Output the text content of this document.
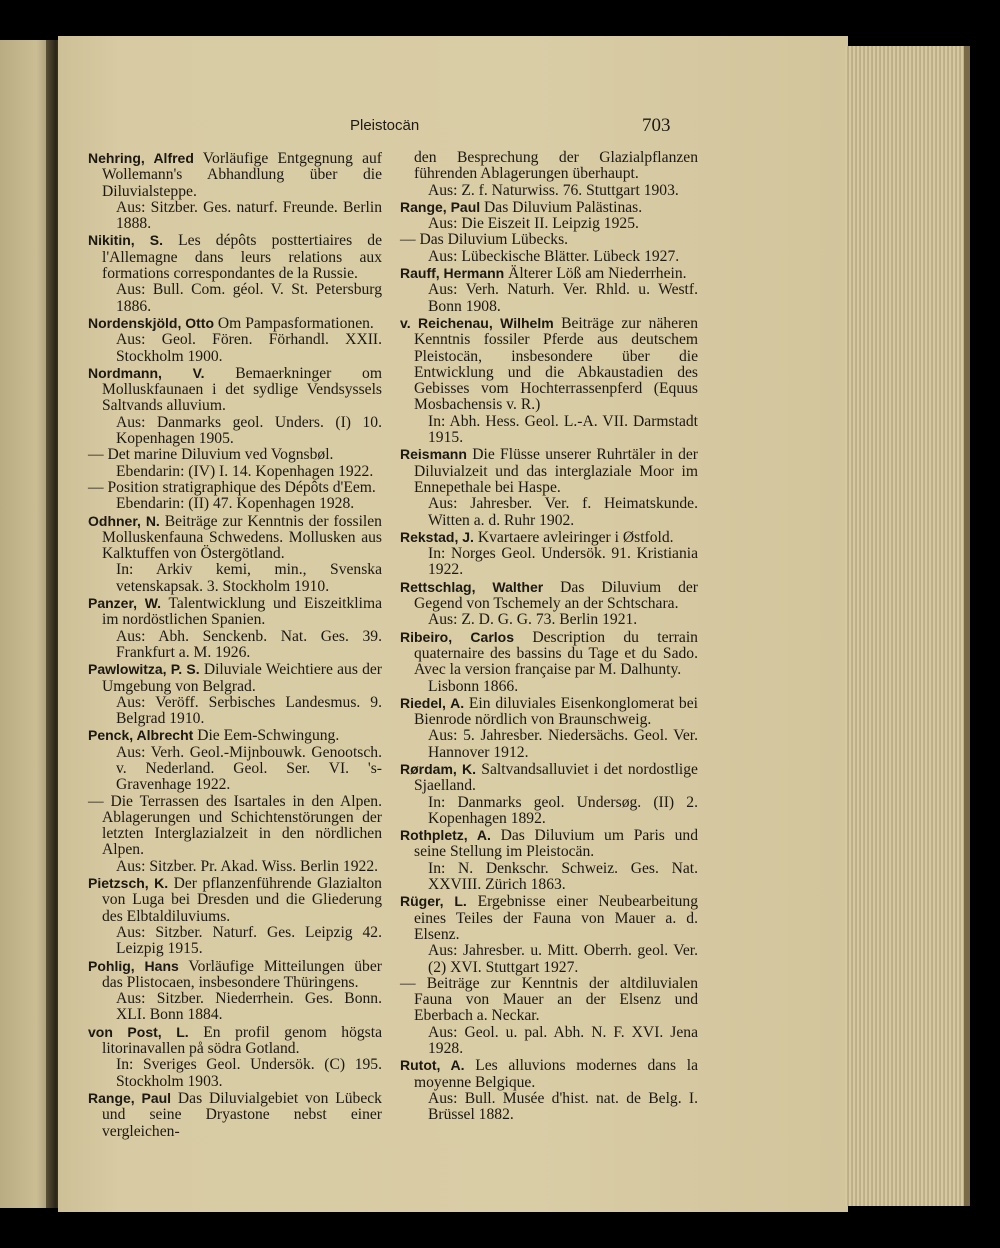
Pleistocän	703

Nehring, Alfred Vorläufige Entgegnung auf Wollemann's Abhandlung über die Diluvialsteppe.

Aus: Sitzber. Ges. naturf. Freunde. Berlin 1888.

Nikitin, S. Les dépôts posttertiaires de l'Allemagne dans leurs relations aux formations correspondantes de la Russie.

Aus: Bull. Com. géol. V. St. Petersburg 1886.

Nordenskjöld, Otto Om Pampasformationen.

Aus: Geol. Fören. Förhandl. XXII. Stockholm 1900.

Nordmann, V. Bemaerkninger om Molluskfaunaen i det sydlige Vendsyssels Saltvands alluvium.

Aus: Danmarks geol. Unders. (I) 10. Kopenhagen 1905.

— Det marine Diluvium ved Vognsbøl.

Ebendarin: (IV) I. 14. Kopenhagen 1922.

— Position stratigraphique des Dépôts d'Eem.

Ebendarin: (II) 47. Kopenhagen 1928.

Odhner, N. Beiträge zur Kenntnis der fossilen Molluskenfauna Schwedens. Mollusken aus Kalktuffen von Östergötland.

In: Arkiv kemi, min., Svenska vetenskapsak. 3. Stockholm 1910.

Panzer, W. Talentwicklung und Eiszeitklima im nordöstlichen Spanien.

Aus: Abh. Senckenb. Nat. Ges. 39. Frankfurt a. M. 1926.

Pawlowitza, P. S. Diluviale Weichtiere aus der Umgebung von Belgrad.

Aus: Veröff. Serbisches Landesmus. 9. Belgrad 1910.

Penck, Albrecht Die Eem-Schwingung.

Aus: Verh. Geol.-Mijnbouwk. Genootsch. v. Nederland. Geol. Ser. VI. 's-Gravenhage 1922.

— Die Terrassen des Isartales in den Alpen. Ablagerungen und Schichtenstörungen der letzten Interglazialzeit in den nördlichen Alpen.

Aus: Sitzber. Pr. Akad. Wiss. Berlin 1922.

Pietzsch, K. Der pflanzenführende Glazialton von Luga bei Dresden und die Gliederung des Elbtaldiluviums.

Aus: Sitzber. Naturf. Ges. Leipzig 42. Leizpig 1915.

Pohlig, Hans Vorläufige Mitteilungen über das Plistocaen, insbesondere Thüringens.

Aus: Sitzber. Niederrhein. Ges. Bonn. XLI. Bonn 1884.

von Post, L. En profil genom högsta litorinavallen på södra Gotland.

In: Sveriges Geol. Undersök. (C) 195. Stockholm 1903.

Range, Paul Das Diluvialgebiet von Lübeck und seine Dryastone nebst einer vergleichen-

den Besprechung der Glazialpflanzen führenden Ablagerungen überhaupt.

Aus: Z. f. Naturwiss. 76. Stuttgart 1903.

Range, Paul Das Diluvium Palästinas.

Aus: Die Eiszeit II. Leipzig 1925.

— Das Diluvium Lübecks.

Aus: Lübeckische Blätter. Lübeck 1927.

Rauff, Hermann Älterer Löß am Niederrhein.

Aus: Verh. Naturh. Ver. Rhld. u. Westf. Bonn 1908.

v. Reichenau, Wilhelm Beiträge zur näheren Kenntnis fossiler Pferde aus deutschem Pleistocän, insbesondere über die Entwicklung und die Abkaustadien des Gebisses vom Hochterrassenpferd (Equus Mosbachensis v. R.)

In: Abh. Hess. Geol. L.-A. VII. Darmstadt 1915.

Reismann Die Flüsse unserer Ruhrtäler in der Diluvialzeit und das interglaziale Moor im Ennepethale bei Haspe.

Aus: Jahresber. Ver. f. Heimatskunde. Witten a. d. Ruhr 1902.

Rekstad, J. Kvartaere avleiringer i Østfold.

In: Norges Geol. Undersök. 91. Kristiania 1922.

Rettschlag, Walther Das Diluvium der Gegend von Tschemely an der Schtschara.

Aus: Z. D. G. G. 73. Berlin 1921.

Ribeiro, Carlos Description du terrain quaternaire des bassins du Tage et du Sado. Avec la version française par M. Dalhunty.

Lisbonn 1866.

Riedel, A. Ein diluviales Eisenkonglomerat bei Bienrode nördlich von Braunschweig.

Aus: 5. Jahresber. Niedersächs. Geol. Ver. Hannover 1912.

Rørdam, K. Saltvandsalluviet i det nordostlige Sjaelland.

In: Danmarks geol. Undersøg. (II) 2. Kopenhagen 1892.

Rothpletz, A. Das Diluvium um Paris und seine Stellung im Pleistocän.

In: N. Denkschr. Schweiz. Ges. Nat. XXVIII. Zürich 1863.

Rüger, L. Ergebnisse einer Neubearbeitung eines Teiles der Fauna von Mauer a. d. Elsenz.

Aus: Jahresber. u. Mitt. Oberrh. geol. Ver. (2) XVI. Stuttgart 1927.

— Beiträge zur Kenntnis der altdiluvialen Fauna von Mauer an der Elsenz und Eberbach a. Neckar.

Aus: Geol. u. pal. Abh. N. F. XVI. Jena 1928.

Rutot, A. Les alluvions modernes dans la moyenne Belgique.

Aus: Bull. Musée d'hist. nat. de Belg. I. Brüssel 1882.
